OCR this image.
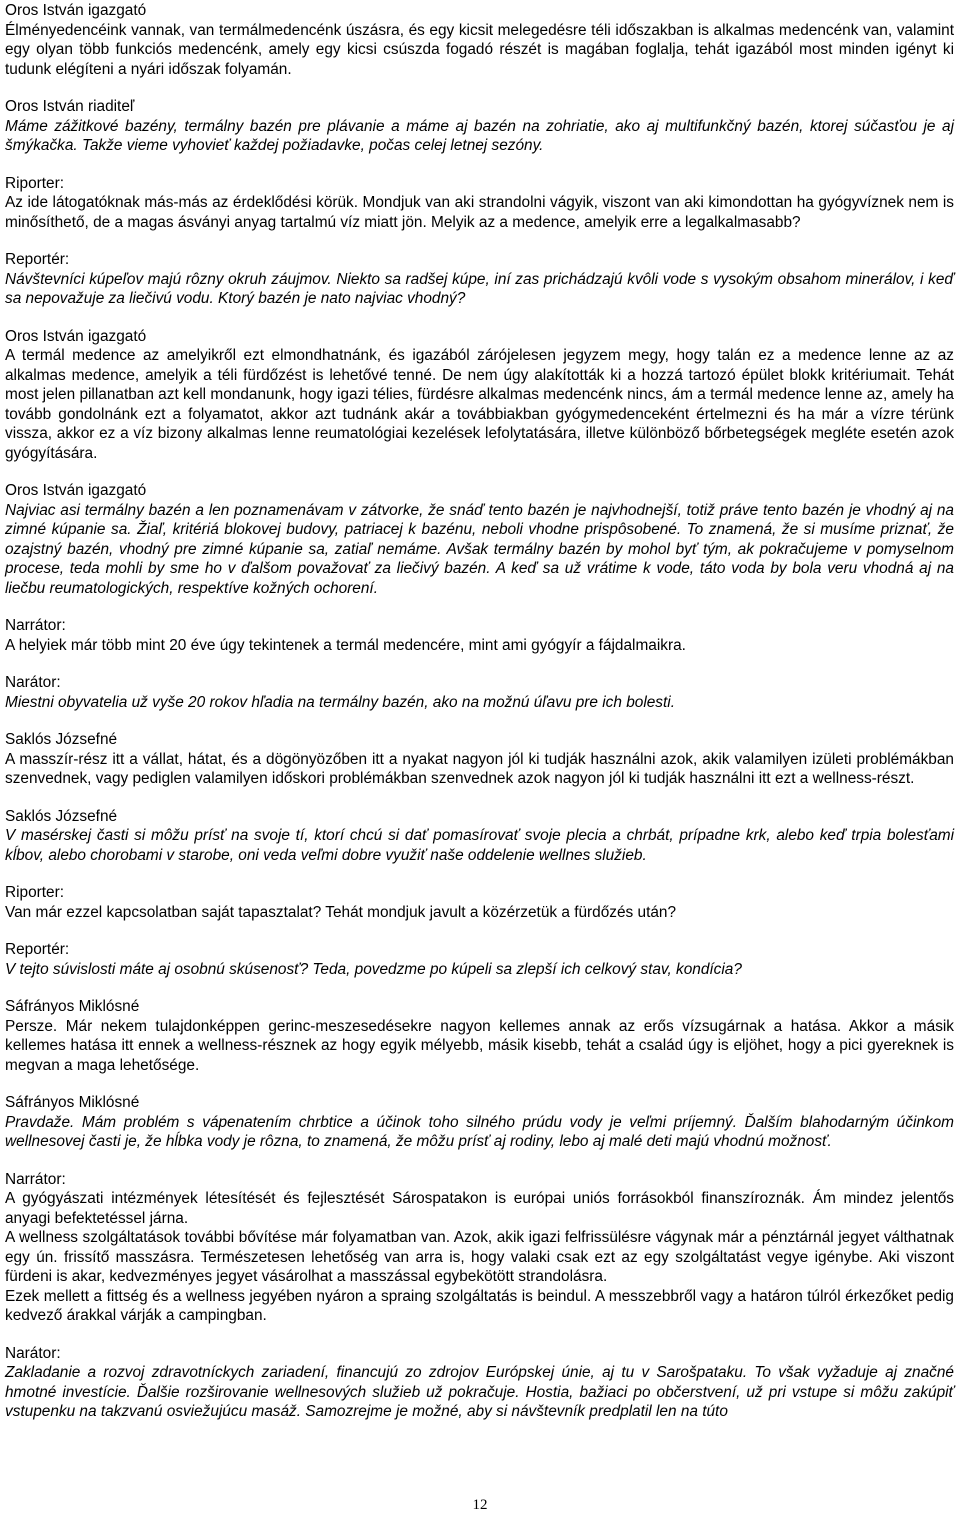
Oros István igazgató

Élményedencéink vannak, van termálmedencénk úszásra, és egy kicsit melegedésre téli időszakban is alkalmas medencénk van, valamint egy olyan több funkciós medencénk, amely egy kicsi csúszda fogadó részét is magában foglalja, tehát igazából most minden igényt ki tudunk elégíteni a nyári időszak folyamán.

Oros István riaditeľ

Máme zážitkové bazény, termálny bazén pre plávanie a máme aj bazén na zohriatie, ako aj multifunkčný bazén, ktorej súčasťou je aj šmýkačka. Takže vieme vyhovieť každej požiadavke, počas celej letnej sezóny.

Riporter:

Az ide látogatóknak más-más az érdeklődési körük. Mondjuk van aki strandolni vágyik, viszont van aki kimondottan ha gyógyvíznek nem is minősíthető, de a magas ásványi anyag tartalmú víz miatt jön. Melyik az a medence, amelyik erre a legalkalmasabb?

Reportér:

Návštevníci kúpeľov majú rôzny okruh záujmov. Niekto sa radšej kúpe, iní zas prichádzajú kvôli vode s vysokým obsahom minerálov, i keď sa nepovažuje za liečivú vodu. Ktorý bazén je nato najviac vhodný?

Oros István igazgató

A termál medence az amelyikről ezt elmondhatnánk, és igazából zárójelesen jegyzem megy, hogy talán ez a medence lenne az az alkalmas medence, amelyik a téli fürdőzést is lehetővé tenné. De nem úgy alakították ki a hozzá tartozó épület blokk kritériumait. Tehát most jelen pillanatban azt kell mondanunk, hogy igazi télies, fürdésre alkalmas medencénk nincs, ám a termál medence lenne az, amely ha tovább gondolnánk ezt a folyamatot, akkor azt tudnánk akár a továbbiakban gyógymedenceként értelmezni és ha már a vízre térünk vissza, akkor ez a víz bizony alkalmas lenne reumatológiai kezelések lefolytatására, illetve különböző bőrbetegségek megléte esetén azok gyógyítására.

Oros István igazgató

Najviac asi termálny bazén a len poznamenávam v zátvorke, že snáď tento bazén je najvhodnejší, totiž práve tento bazén je vhodný aj na zimné kúpanie sa. Žiaľ, kritériá blokovej budovy, patriacej k bazénu, neboli vhodne prispôsobené. To znamená, že si musíme priznať, že ozajstný bazén, vhodný pre zimné kúpanie sa, zatiaľ nemáme. Avšak termálny bazén by mohol byť tým, ak pokračujeme v pomyselnom procese, teda mohli by sme ho v ďalšom považovať za liečivý bazén. A keď sa už vrátime k vode, táto voda by bola veru vhodná aj na liečbu reumatologických, respektíve kožných ochorení.

Narrátor:

A helyiek már több mint 20 éve úgy tekintenek a termál medencére, mint ami gyógyír a fájdalmaikra.

Narátor:

Miestni obyvatelia už vyše 20 rokov hľadia na termálny bazén, ako na možnú úľavu pre ich bolesti.

Saklós Józsefné

A masszír-rész itt a vállat, hátat, és a dögönyözőben itt a nyakat nagyon jól ki tudják használni azok, akik valamilyen izületi problémákban szenvednek, vagy pediglen valamilyen időskori problémákban szenvednek azok nagyon jól ki tudják használni itt ezt a wellness-részt.

Saklós Józsefné

V masérskej časti si môžu prísť na svoje tí, ktorí chcú si dať pomasírovať svoje plecia a chrbát, prípadne krk, alebo keď trpia bolesťami kĺbov, alebo chorobami v starobe, oni veda veľmi dobre využiť naše oddelenie wellnes služieb.

Riporter:

Van már ezzel kapcsolatban saját tapasztalat? Tehát mondjuk javult a közérzetük a fürdőzés után?

Reportér:

V tejto súvislosti máte aj osobnú skúsenosť? Teda, povedzme po kúpeli sa zlepší ich celkový stav, kondícia?

Sáfrányos Miklósné

Persze. Már nekem tulajdonképpen gerinc-meszesedésekre nagyon kellemes annak az erős vízsugárnak a hatása. Akkor a másik kellemes hatása itt ennek a wellness-résznek az hogy egyik mélyebb, másik kisebb, tehát a család úgy is eljöhet, hogy a pici gyereknek is megvan a maga lehetősége.

Sáfrányos Miklósné

Pravdaže. Mám problém s vápenatením chrbtice a účinok toho silného prúdu vody je veľmi príjemný. Ďalším blahodarným účinkom wellnesovej časti je, že hĺbka vody je rôzna, to znamená, že môžu prísť aj rodiny, lebo aj malé deti majú vhodnú možnosť.

Narrátor:

A gyógyászati intézmények létesítését és fejlesztését Sárospatakon is európai uniós forrásokból finanszíroznák. Ám mindez jelentős anyagi befektetéssel járna.

A wellness szolgáltatások további bővítése már folyamatban van. Azok, akik igazi felfrissülésre vágynak már a pénztárnál jegyet válthatnak egy ún. frissítő masszásra. Természetesen lehetőség van arra is, hogy valaki csak ezt az egy szolgáltatást vegye igénybe. Aki viszont fürdeni is akar, kedvezményes jegyet vásárolhat a masszással egybekötött strandolásra.

Ezek mellett a fittség és a wellness jegyében nyáron a spraing szolgáltatás is beindul. A messzebbről vagy a határon túlról érkezőket pedig kedvező árakkal várják a campingban.

Narátor:

Zakladanie a rozvoj zdravotníckych zariadení, financujú zo zdrojov Európskej únie, aj tu v Sarošpataku. To však vyžaduje aj značné hmotné investície. Ďalšie rozširovanie wellnesových služieb už pokračuje. Hostia, bažiaci po občerstvení, už pri vstupe si môžu zakúpiť vstupenku na takzvanú osviežujúcu masáž. Samozrejme je možné, aby si návštevník predplatil len na túto

12
